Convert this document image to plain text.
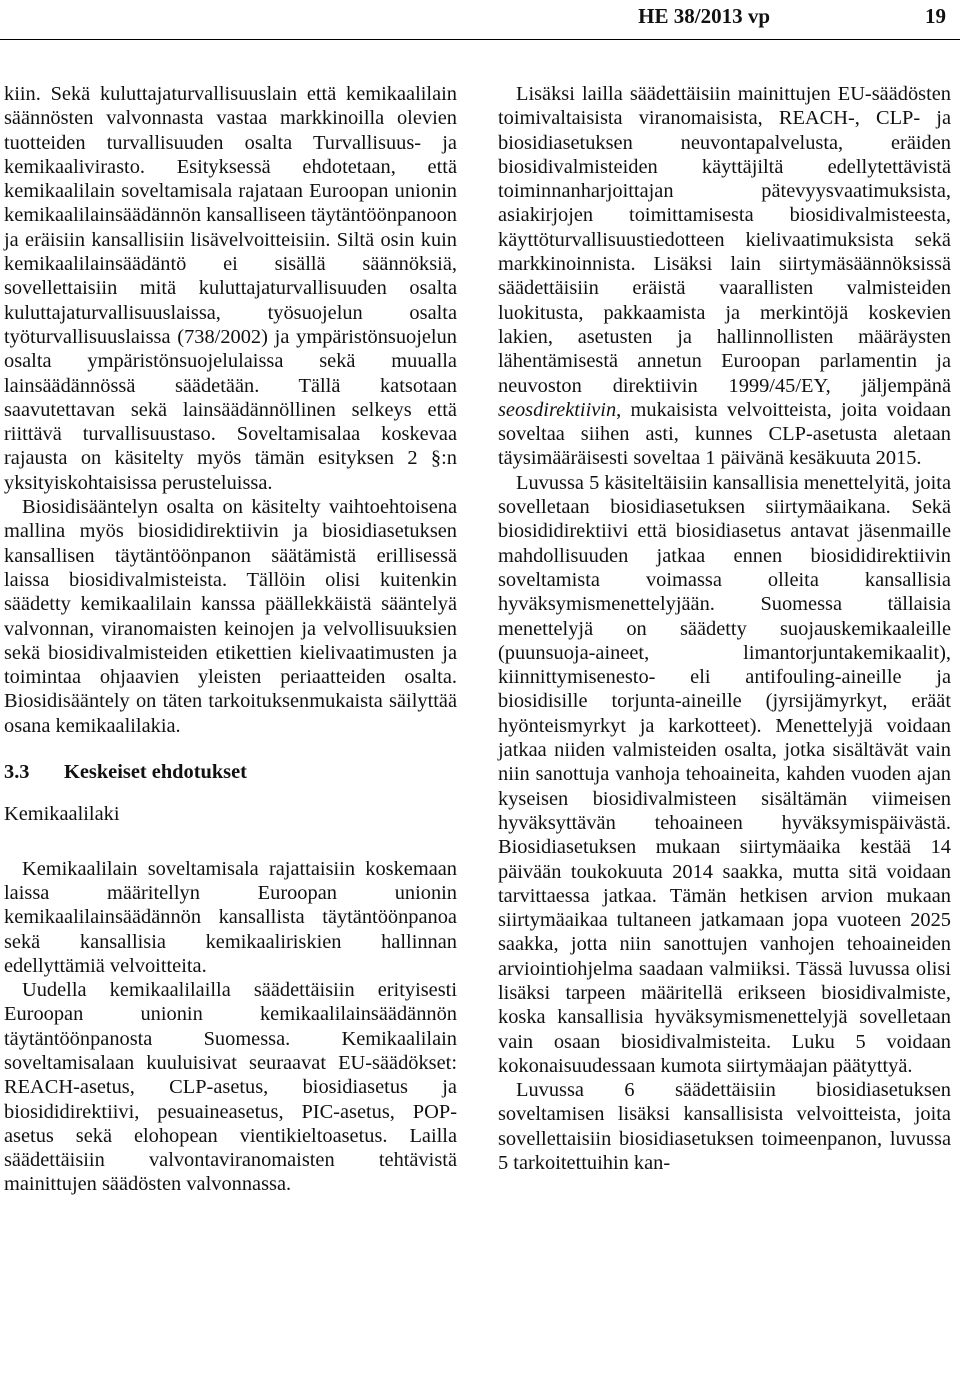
HE 38/2013 vp	19

kiin. Sekä kuluttajaturvallisuuslain että kemikaalilain säännösten valvonnasta vastaa markkinoilla olevien tuotteiden turvallisuuden osalta Turvallisuus- ja kemikaalivirasto. Esityksessä ehdotetaan, että kemikaalilain soveltamisala rajataan Euroopan unionin kemikaalilainsäädännön kansalliseen täytäntöönpanoon ja eräisiin kansallisiin lisävelvoitteisiin. Siltä osin kuin kemikaalilainsäädäntö ei sisällä säännöksiä, sovellettaisiin mitä kuluttajaturvallisuuden osalta kuluttajaturvallisuuslaissa, työsuojelun osalta työturvallisuuslaissa (738/2002) ja ympäristönsuojelun osalta ympäristönsuojelulaissa sekä muualla lainsäädännössä säädetään. Tällä katsotaan saavutettavan sekä lainsäädännöllinen selkeys että riittävä turvallisuustaso. Soveltamisalaa koskevaa rajausta on käsitelty myös tämän esityksen 2 §:n yksityiskohtaisissa perusteluissa.

Biosidisääntelyn osalta on käsitelty vaihtoehtoisena mallina myös biosididirektiivin ja biosidiasetuksen kansallisen täytäntöönpanon säätämistä erillisessä laissa biosidivalmisteista. Tällöin olisi kuitenkin säädetty kemikaalilain kanssa päällekkäistä sääntelyä valvonnan, viranomaisten keinojen ja velvollisuuksien sekä biosidivalmisteiden etikettien kielivaatimusten ja toimintaa ohjaavien yleisten periaatteiden osalta. Biosidisääntely on täten tarkoituksenmukaista säilyttää osana kemikaalilakia.

3.3 Keskeiset ehdotukset
Kemikaalilaki

Kemikaalilain soveltamisala rajattaisiin koskemaan laissa määritellyn Euroopan unionin kemikaalilainsäädännön kansallista täytäntöönpanoa sekä kansallisia kemikaaliriskien hallinnan edellyttämiä velvoitteita.

Uudella kemikaalilailla säädettäisiin erityisesti Euroopan unionin kemikaalilainsäädännön täytäntöönpanosta Suomessa. Kemikaalilain soveltamisalaan kuuluisivat seuraavat EU-säädökset: REACH-asetus, CLP-asetus, biosidiasetus ja biosididirektiivi, pesuaineasetus, PIC-asetus, POP-asetus sekä elohopean vientikieltoasetus. Lailla säädettäisiin valvontaviranomaisten tehtävistä mainittujen säädösten valvonnassa.

Lisäksi lailla säädettäisiin mainittujen EU-säädösten toimivaltaisista viranomaisista, REACH-, CLP- ja biosidiasetuksen neuvontapalvelusta, eräiden biosidivalmisteiden käyttäjiltä edellytettävistä toiminnanharjoittajan pätevyysvaatimuksista, asiakirjojen toimittamisesta biosidivalmisteesta, käyttöturvallisuustiedotteen kielivaatimuksista sekä markkinoinnista. Lisäksi lain siirtymäsäännöksissä säädettäisiin eräistä vaarallisten valmisteiden luokitusta, pakkaamista ja merkintöjä koskevien lakien, asetusten ja hallinnollisten määräysten lähentämisestä annetun Euroopan parlamentin ja neuvoston direktiivin 1999/45/EY, jäljempänä seosdirektiivin, mukaisista velvoitteista, joita voidaan soveltaa siihen asti, kunnes CLP-asetusta aletaan täysimääräisesti soveltaa 1 päivänä kesäkuuta 2015.

Luvussa 5 käsiteltäisiin kansallisia menettelyitä, joita sovelletaan biosidiasetuksen siirtymäaikana. Sekä biosididirektiivi että biosidiasetus antavat jäsenmaille mahdollisuuden jatkaa ennen biosididirektiivin soveltamista voimassa olleita kansallisia hyväksymismenettelyjään. Suomessa tällaisia menettelyjä on säädetty suojauskemikaaleille (puunsuoja-aineet, limantorjuntakemikaalit), kiinnittymisenesto- eli antifouling-aineille ja biosidisille torjunta-aineille (jyrsijämyrkyt, eräät hyönteismyrkyt ja karkotteet). Menettelyjä voidaan jatkaa niiden valmisteiden osalta, jotka sisältävät vain niin sanottuja vanhoja tehoaineita, kahden vuoden ajan kyseisen biosidivalmisteen sisältämän viimeisen hyväksyttävän tehoaineen hyväksymispäivästä. Biosidiasetuksen mukaan siirtymäaika kestää 14 päivään toukokuuta 2014 saakka, mutta sitä voidaan tarvittaessa jatkaa. Tämän hetkisen arvion mukaan siirtymäaikaa tultaneen jatkamaan jopa vuoteen 2025 saakka, jotta niin sanottujen vanhojen tehoaineiden arviointiohjelma saadaan valmiiksi. Tässä luvussa olisi lisäksi tarpeen määritellä erikseen biosidivalmiste, koska kansallisia hyväksymismenettelyjä sovelletaan vain osaan biosidivalmisteita. Luku 5 voidaan kokonaisuudessaan kumota siirtymäajan päätyttyä.

Luvussa 6 säädettäisiin biosidiasetuksen soveltamisen lisäksi kansallisista velvoitteista, joita sovellettaisiin biosidiasetuksen toimeenpanon, luvussa 5 tarkoitettuihin kan-
